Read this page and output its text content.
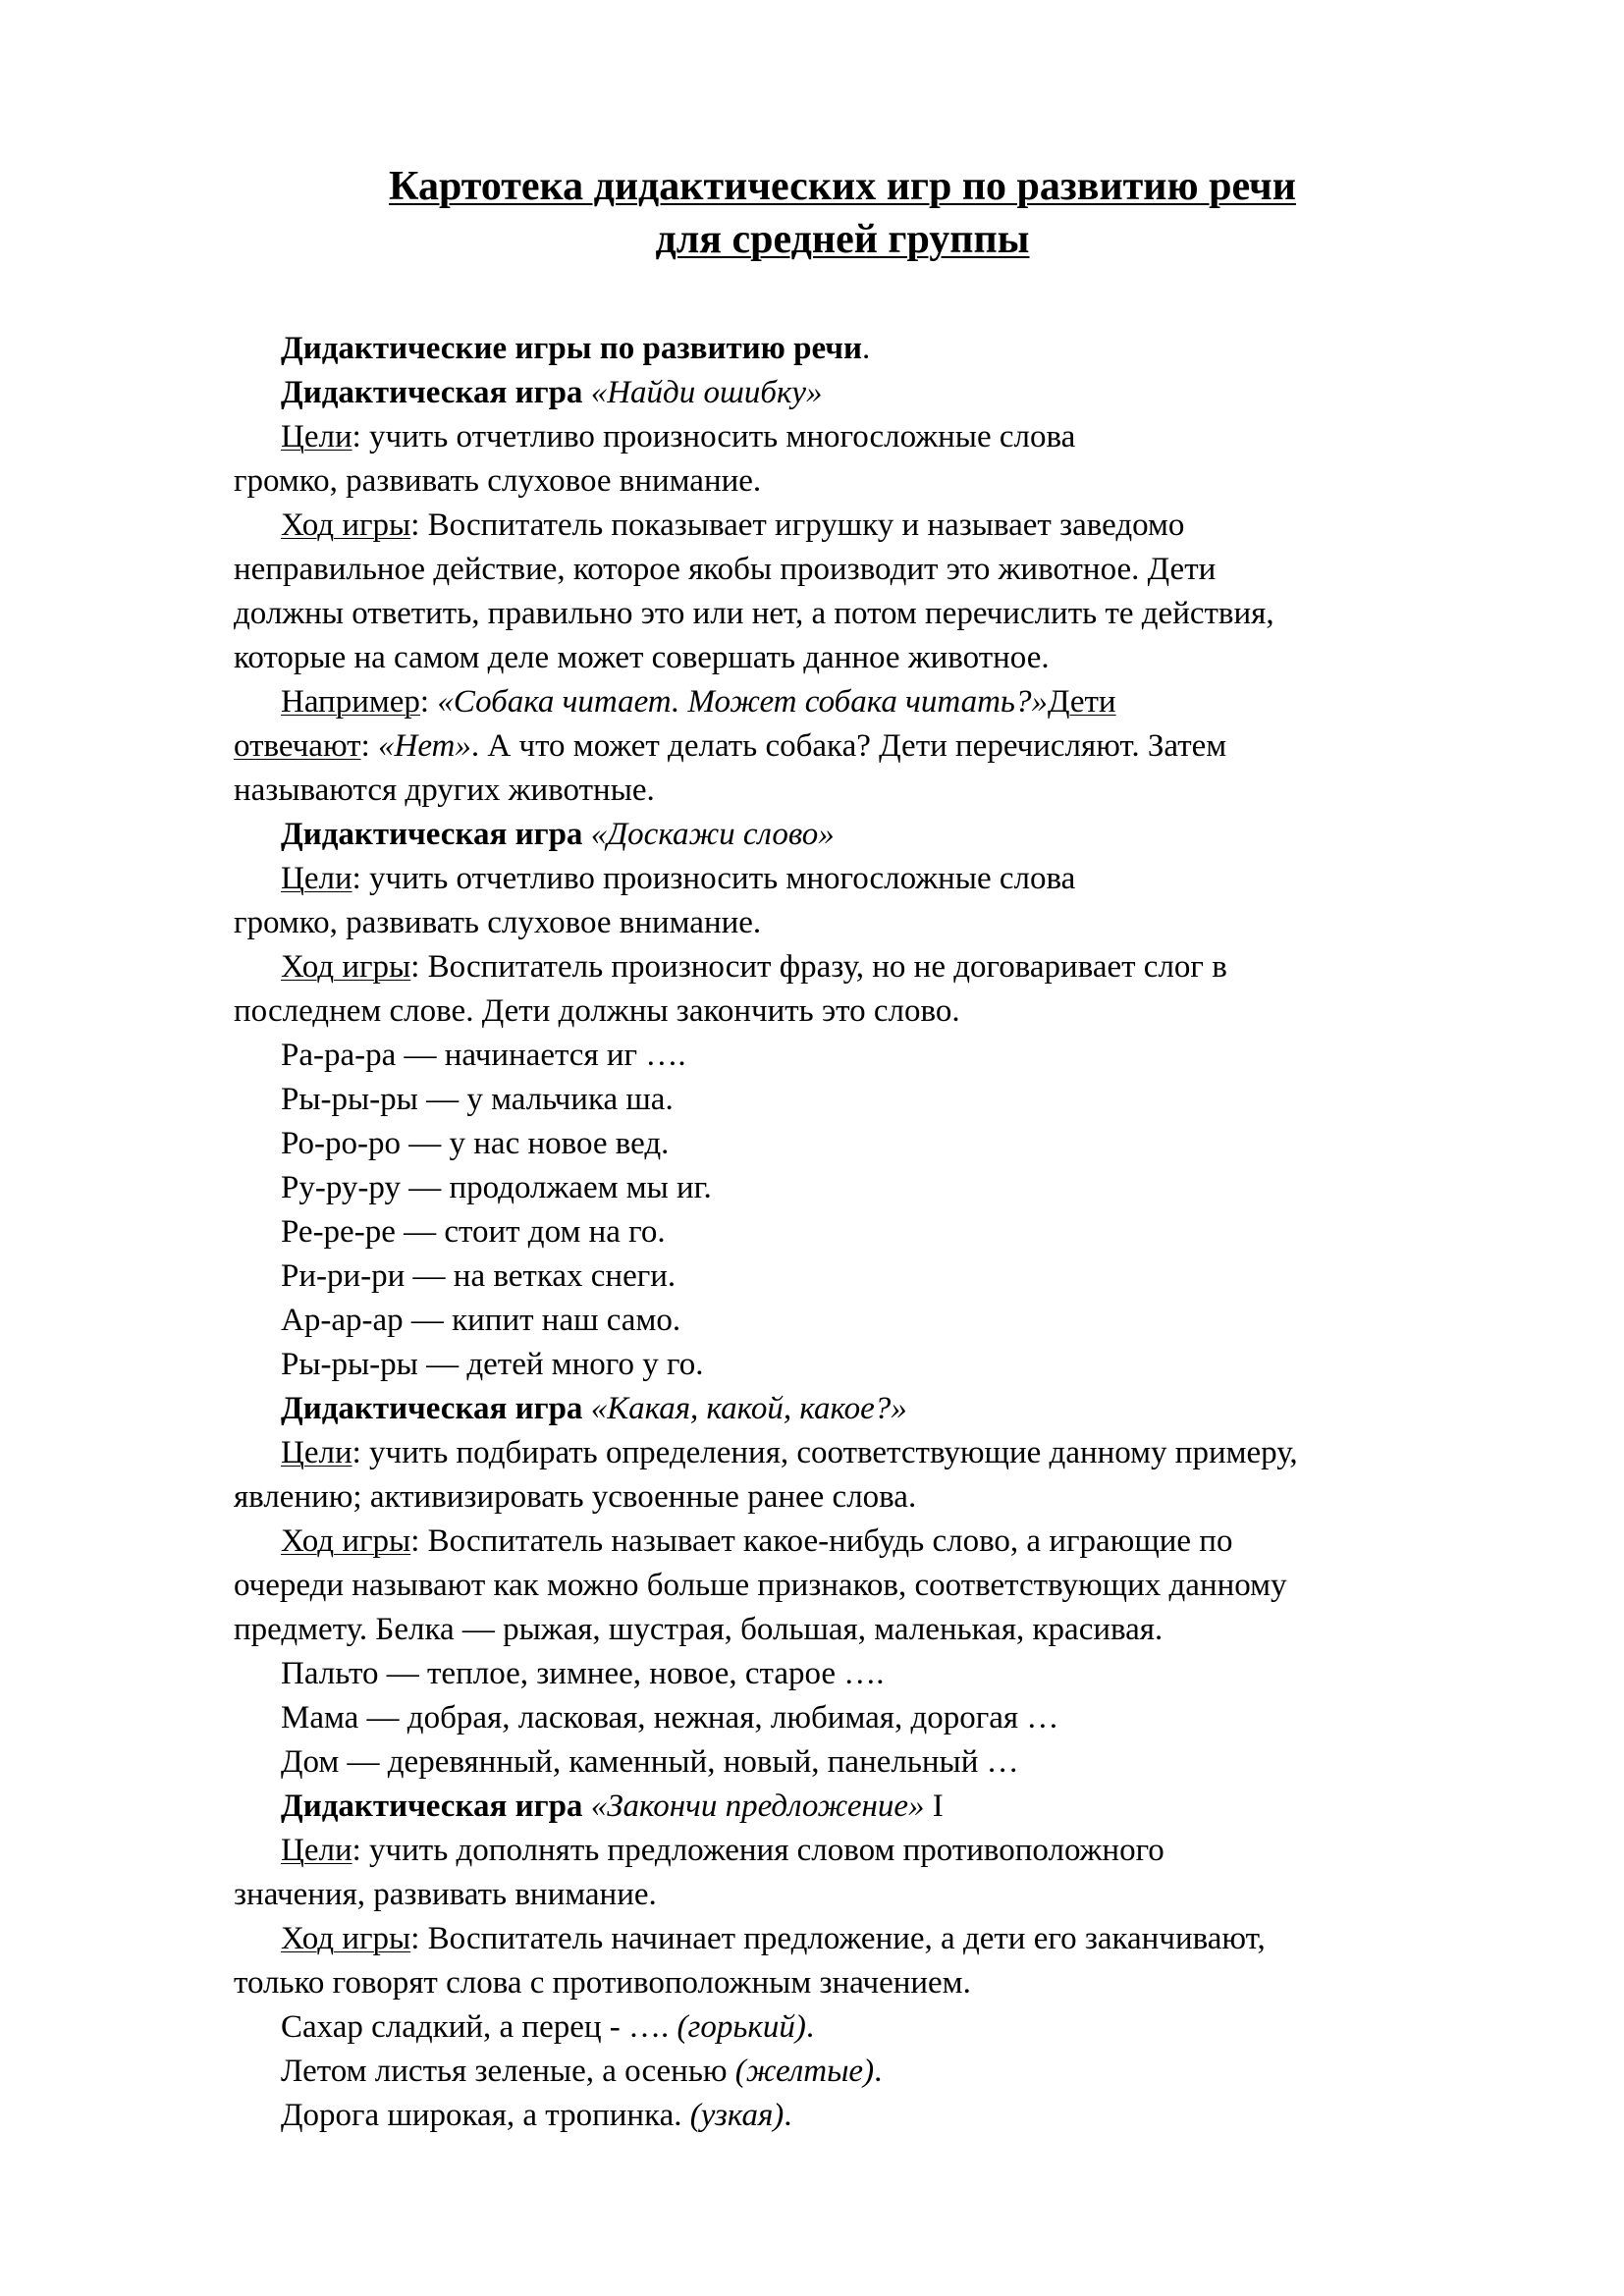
Картотека дидактических игр по развитию речи
для средней группы
Дидактические игры по развитию речи.
Дидактическая игра «Найди ошибку»
Цели: учить отчетливо произносить многосложные слова
громко, развивать слуховое внимание.
Ход игры: Воспитатель показывает игрушку и называет заведомо
неправильное действие, которое якобы производит это животное. Дети
должны ответить, правильно это или нет, а потом перечислить те действия,
которые на самом деле может совершать данное животное.
Например: «Собака читает. Может собака читать?»Дети
отвечают: «Нет». А что может делать собака? Дети перечисляют. Затем
называются других животные.
Дидактическая игра «Доскажи слово»
Цели: учить отчетливо произносить многосложные слова
громко, развивать слуховое внимание.
Ход игры: Воспитатель произносит фразу, но не договаривает слог в
последнем слове. Дети должны закончить это слово.
Ра-ра-ра — начинается иг ….
Ры-ры-ры — у мальчика ша.
Ро-ро-ро — у нас новое вед.
Ру-ру-ру — продолжаем мы иг.
Ре-ре-ре — стоит дом на го.
Ри-ри-ри — на ветках снеги.
Ар-ар-ар — кипит наш само.
Ры-ры-ры — детей много у го.
Дидактическая игра «Какая, какой, какое?»
Цели: учить подбирать определения, соответствующие данному примеру,
явлению; активизировать усвоенные ранее слова.
Ход игры: Воспитатель называет какое-нибудь слово, а играющие по
очереди называют как можно больше признаков, соответствующих данному
предмету. Белка — рыжая, шустрая, большая, маленькая, красивая.
Пальто — теплое, зимнее, новое, старое ….
Мама — добрая, ласковая, нежная, любимая, дорогая …
Дом — деревянный, каменный, новый, панельный …
Дидактическая игра «Закончи предложение» I
Цели: учить дополнять предложения словом противоположного
значения, развивать внимание.
Ход игры: Воспитатель начинает предложение, а дети его заканчивают,
только говорят слова с противоположным значением.
Сахар сладкий, а перец - …. (горький).
Летом листья зеленые, а осенью (желтые).
Дорога широкая, а тропинка. (узкая).
